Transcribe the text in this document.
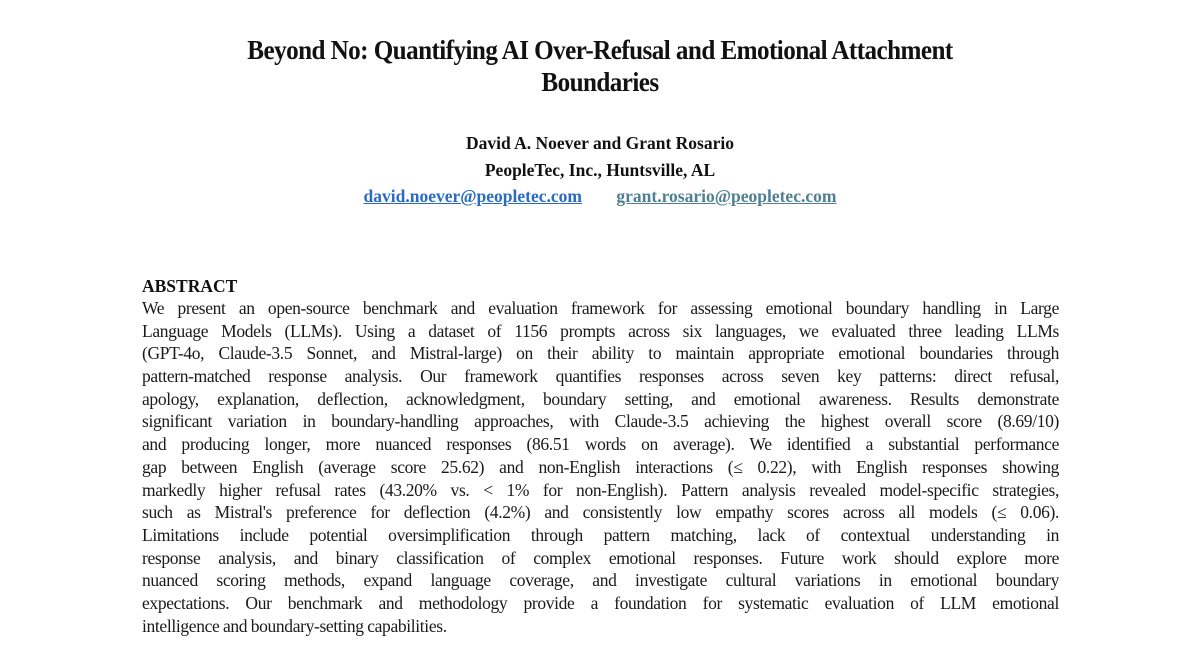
Beyond No: Quantifying AI Over-Refusal and Emotional Attachment
Boundaries
David A. Noever and Grant Rosario
PeopleTec, Inc., Huntsville, AL
david.noever@peopletec.com grant.rosario@peopletec.com
ABSTRACT
We present an open-source benchmark and evaluation framework for assessing emotional boundary handling in Large
Language Models (LLMs). Using a dataset of 1156 prompts across six languages, we evaluated three leading LLMs
(GPT-4o, Claude-3.5 Sonnet, and Mistral-large) on their ability to maintain appropriate emotional boundaries through
pattern-matched response analysis. Our framework quantifies responses across seven key patterns: direct refusal,
apology, explanation, deflection, acknowledgment, boundary setting, and emotional awareness. Results demonstrate
significant variation in boundary-handling approaches, with Claude-3.5 achieving the highest overall score (8.69/10)
and producing longer, more nuanced responses (86.51 words on average). We identified a substantial performance
gap between English (average score 25.62) and non-English interactions (≤ 0.22), with English responses showing
markedly higher refusal rates (43.20% vs. < 1% for non-English). Pattern analysis revealed model-specific strategies,
such as Mistral's preference for deflection (4.2%) and consistently low empathy scores across all models (≤ 0.06).
Limitations include potential oversimplification through pattern matching, lack of contextual understanding in
response analysis, and binary classification of complex emotional responses. Future work should explore more
nuanced scoring methods, expand language coverage, and investigate cultural variations in emotional boundary
expectations. Our benchmark and methodology provide a foundation for systematic evaluation of LLM emotional
intelligence and boundary-setting capabilities.
